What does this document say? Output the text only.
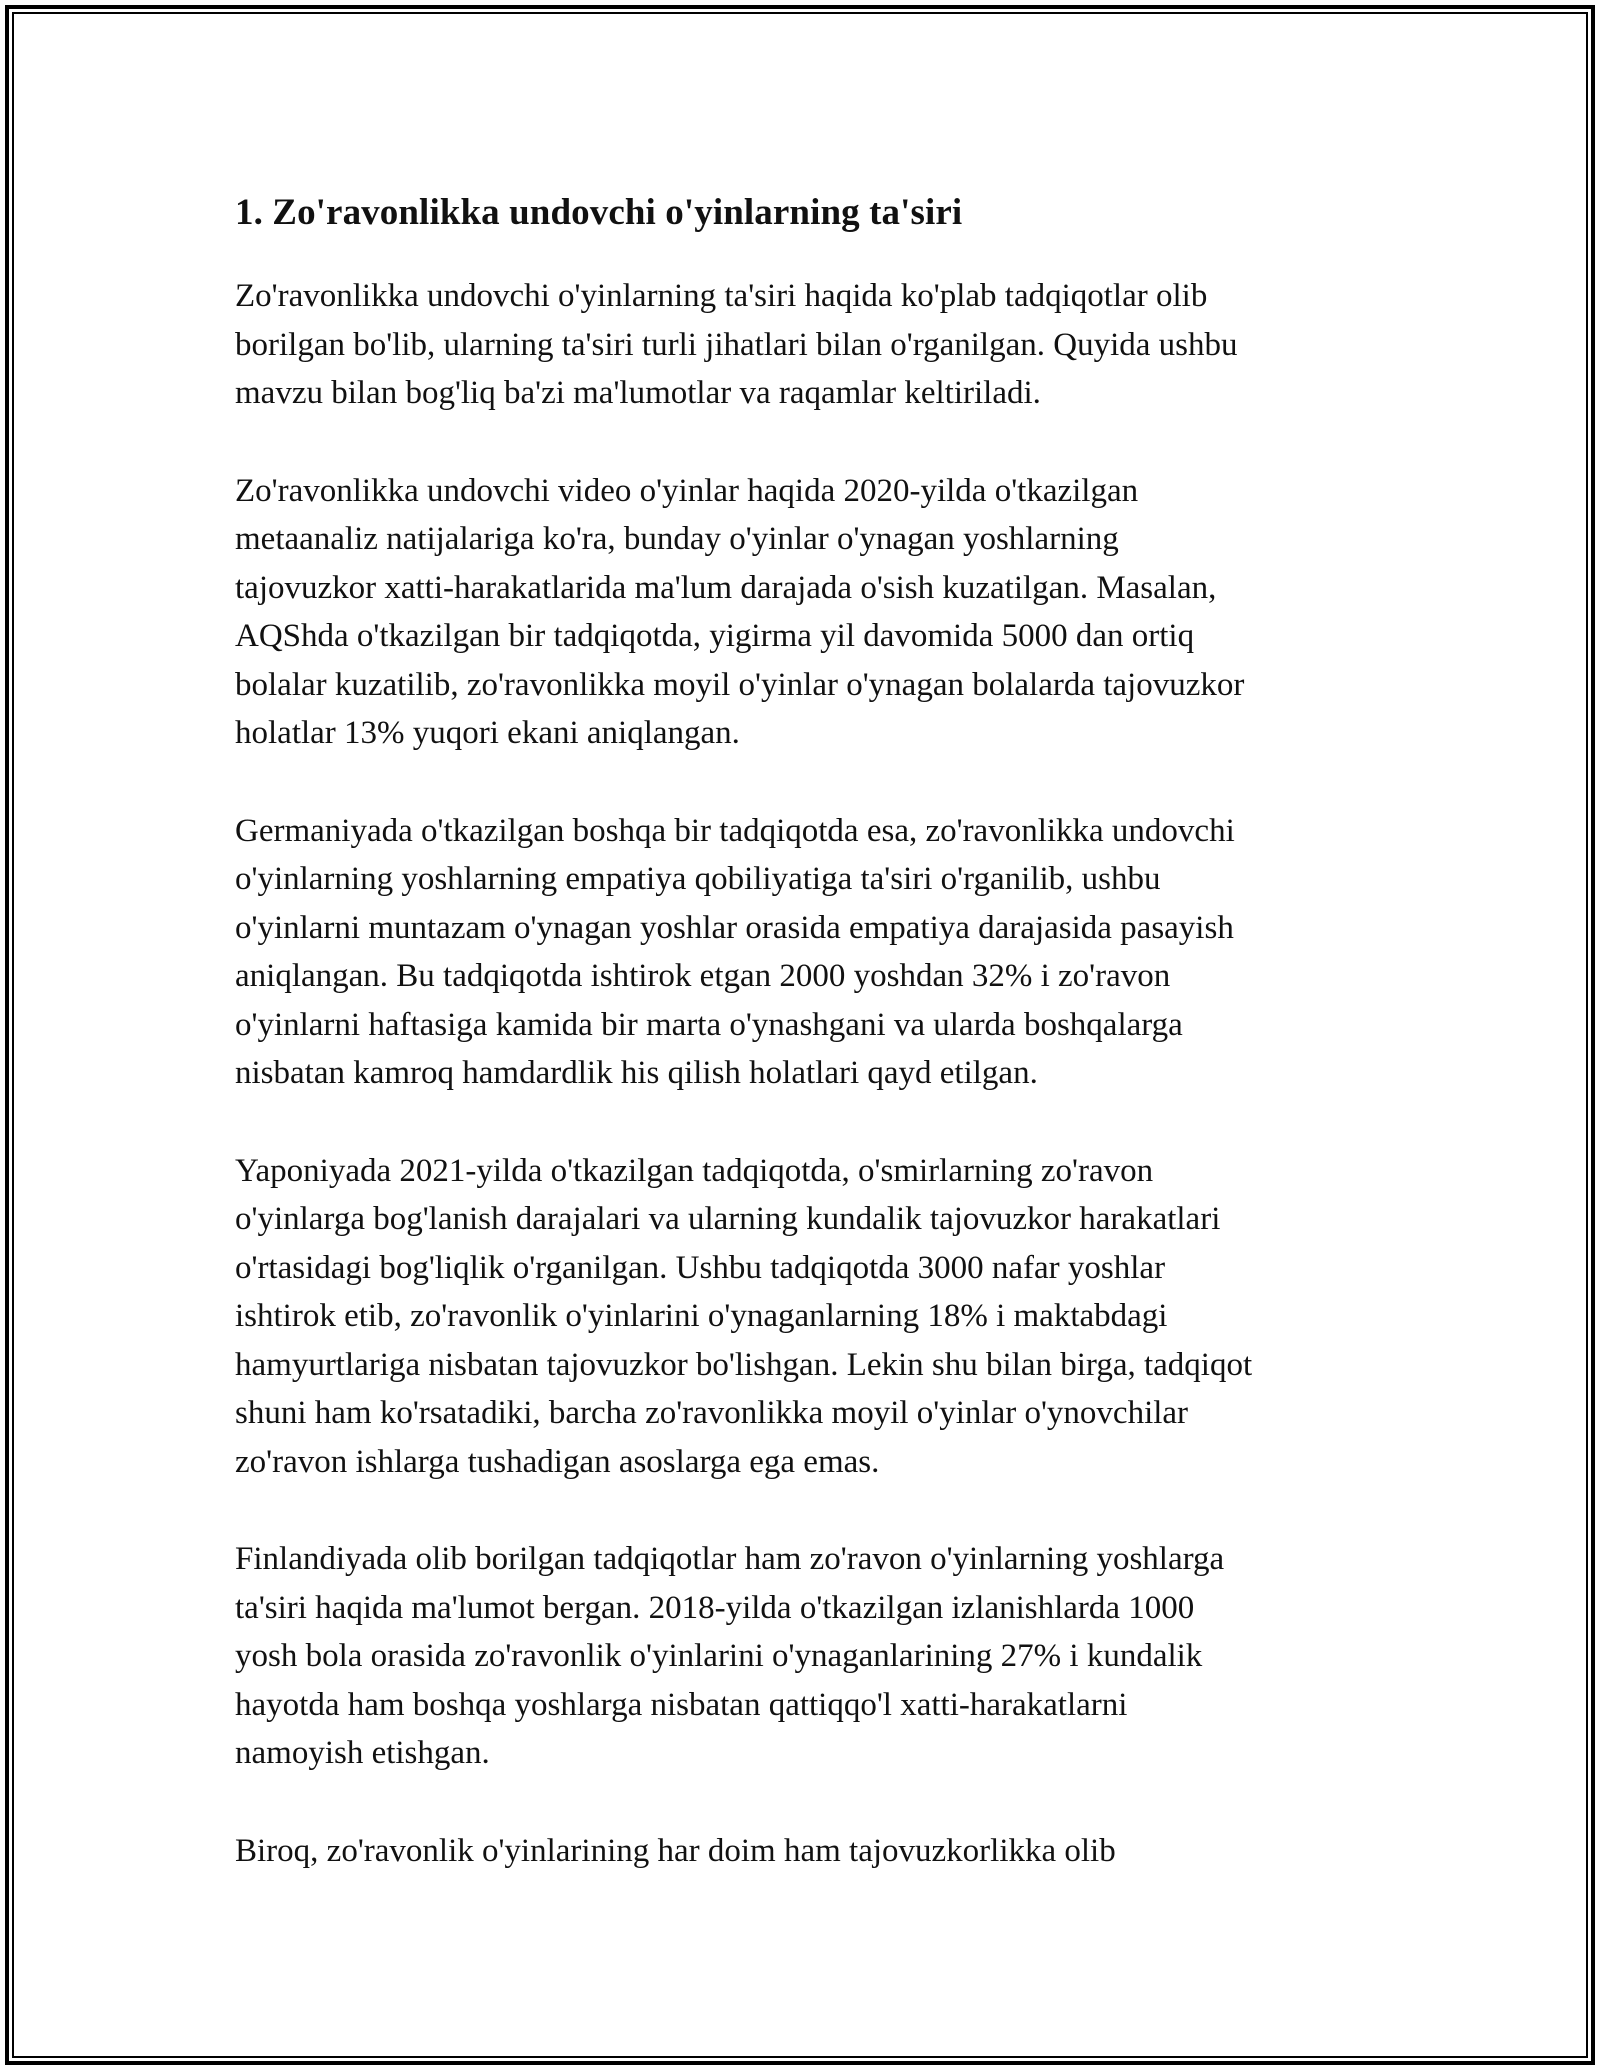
1. Zo'ravonlikka undovchi o'yinlarning ta'siri

Zo'ravonlikka undovchi o'yinlarning ta'siri haqida ko'plab tadqiqotlar olib
borilgan bo'lib, ularning ta'siri turli jihatlari bilan o'rganilgan. Quyida ushbu
mavzu bilan bog'liq ba'zi ma'lumotlar va raqamlar keltiriladi.

Zo'ravonlikka undovchi video o'yinlar haqida 2020-yilda o'tkazilgan
metaanaliz natijalariga ko'ra, bunday o'yinlar o'ynagan yoshlarning
tajovuzkor xatti-harakatlarida ma'lum darajada o'sish kuzatilgan. Masalan,
AQShda o'tkazilgan bir tadqiqotda, yigirma yil davomida 5000 dan ortiq
bolalar kuzatilib, zo'ravonlikka moyil o'yinlar o'ynagan bolalarda tajovuzkor
holatlar 13% yuqori ekani aniqlangan.

Germaniyada o'tkazilgan boshqa bir tadqiqotda esa, zo'ravonlikka undovchi
o'yinlarning yoshlarning empatiya qobiliyatiga ta'siri o'rganilib, ushbu
o'yinlarni muntazam o'ynagan yoshlar orasida empatiya darajasida pasayish
aniqlangan. Bu tadqiqotda ishtirok etgan 2000 yoshdan 32% i zo'ravon
o'yinlarni haftasiga kamida bir marta o'ynashgani va ularda boshqalarga
nisbatan kamroq hamdardlik his qilish holatlari qayd etilgan.

Yaponiyada 2021-yilda o'tkazilgan tadqiqotda, o'smirlarning zo'ravon
o'yinlarga bog'lanish darajalari va ularning kundalik tajovuzkor harakatlari
o'rtasidagi bog'liqlik o'rganilgan. Ushbu tadqiqotda 3000 nafar yoshlar
ishtirok etib, zo'ravonlik o'yinlarini o'ynaganlarning 18% i maktabdagi
hamyurtlariga nisbatan tajovuzkor bo'lishgan. Lekin shu bilan birga, tadqiqot
shuni ham ko'rsatadiki, barcha zo'ravonlikka moyil o'yinlar o'ynovchilar
zo'ravon ishlarga tushadigan asoslarga ega emas.

Finlandiyada olib borilgan tadqiqotlar ham zo'ravon o'yinlarning yoshlarga
ta'siri haqida ma'lumot bergan. 2018-yilda o'tkazilgan izlanishlarda 1000
yosh bola orasida zo'ravonlik o'yinlarini o'ynaganlarining 27% i kundalik
hayotda ham boshqa yoshlarga nisbatan qattiqqo'l xatti-harakatlarni
namoyish etishgan.

Biroq, zo'ravonlik o'yinlarining har doim ham tajovuzkorlikka olib
